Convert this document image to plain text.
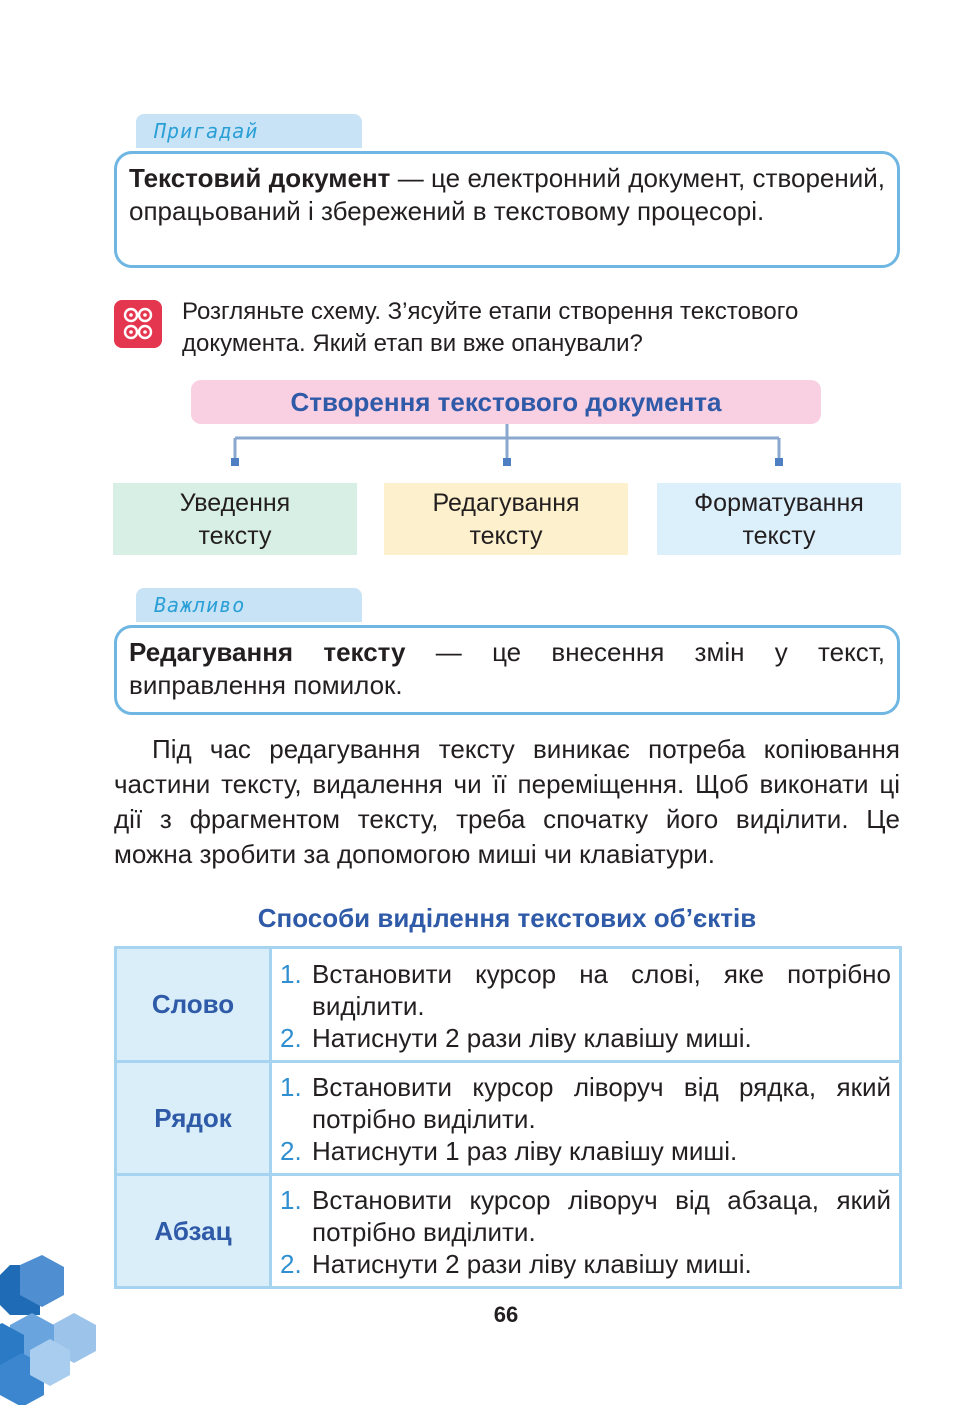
Пригадай
Текстовий документ — це електронний документ, створений, опрацьований і збережений в текстовому процесорі.
Розгляньте схему. З’ясуйте етапи створення текстового документа. Який етап ви вже опанували?
Створення текстового документа
Уведення
тексту
Редагування
тексту
Форматування
тексту
Важливо
Редагування тексту — це внесення змін у текст, виправлення помилок.
Під час редагування тексту виникає потреба копіювання частини тексту, видалення чи її переміщення. Щоб виконати ці дії з фрагментом тексту, треба спочатку його виділити. Це можна зробити за допомогою миші чи клавіатури.
Способи виділення текстових об’єктів
Слово	1. Встановити курсор на слові, яке потрібно виділити.
2. Натиснути 2 рази ліву клавішу миші.

Рядок	1. Встановити курсор ліворуч від рядка, який потрібно виділити.
2. Натиснути 1 раз ліву клавішу миші.

Абзац	1. Встановити курсор ліворуч від абзаца, який потрібно виділити.
2. Натиснути 2 рази ліву клавішу миші.
66
